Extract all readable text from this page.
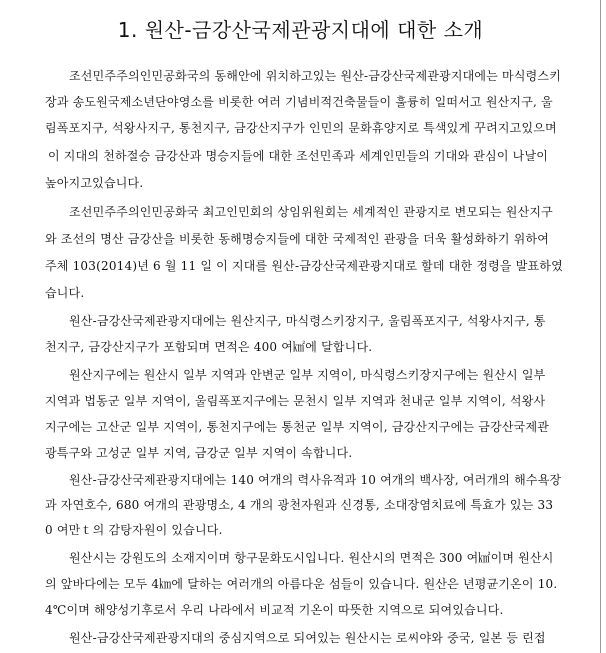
1. 원산-금강산국제관광지대에 대한 소개
조선민주주의인민공화국의 동해안에 위치하고있는 원산-금강산국제관광지대에는 마식령스키
장과 송도원국제소년단야영소를 비롯한 여러 기념비적건축물들이 훌륭히 일떠서고 원산지구, 울
림폭포지구, 석왕사지구, 통천지구, 금강산지구가 인민의 문화휴양지로 특색있게 꾸려지고있으며
이 지대의 천하절승 금강산과 명승지들에 대한 조선민족과 세계인민들의 기대와 관심이 나날이
높아지고있습니다.
조선민주주의인민공화국 최고인민회의 상임위원회는 세계적인 관광지로 변모되는 원산지구
와 조선의 명산 금강산을 비롯한 동해명승지들에 대한 국제적인 관광을 더욱 활성화하기 위하여
주체 103(2014)년 6 월 11 일 이 지대를 원산-금강산국제관광지대로 할데 대한 정령을 발표하였
습니다.
원산-금강산국제관광지대에는 원산지구, 마식령스키장지구, 울림폭포지구, 석왕사지구, 통
천지구, 금강산지구가 포함되며 면적은 400 여㎢에 달합니다.
원산지구에는 원산시 일부 지역과 안변군 일부 지역이, 마식령스키장지구에는 원산시 일부
지역과 법동군 일부 지역이, 울림폭포지구에는 문천시 일부 지역과 천내군 일부 지역이, 석왕사
지구에는 고산군 일부 지역이, 통천지구에는 통천군 일부 지역이, 금강산지구에는 금강산국제관
광특구와 고성군 일부 지역, 금강군 일부 지역이 속합니다.
원산-금강산국제관광지대에는 140 여개의 력사유적과 10 여개의 백사장, 여러개의 해수욕장
과 자연호수, 680 여개의 관광명소, 4 개의 광천자원과 신경통, 소대장염치료에 특효가 있는 33
0 여만ｔ의 감탕자원이 있습니다.
원산시는 강원도의 소재지이며 항구문화도시입니다. 원산시의 면적은 300 여㎢이며 원산시
의 앞바다에는 모두 4㎞에 달하는 여러개의 아름다운 섬들이 있습니다. 원산은 년평균기온이 10.
4℃이며 해양성기후로서 우리 나라에서 비교적 기온이 따뜻한 지역으로 되여있습니다.
원산-금강산국제관광지대의 중심지역으로 되여있는 원산시는 로씨야와 중국, 일본 등 린접
